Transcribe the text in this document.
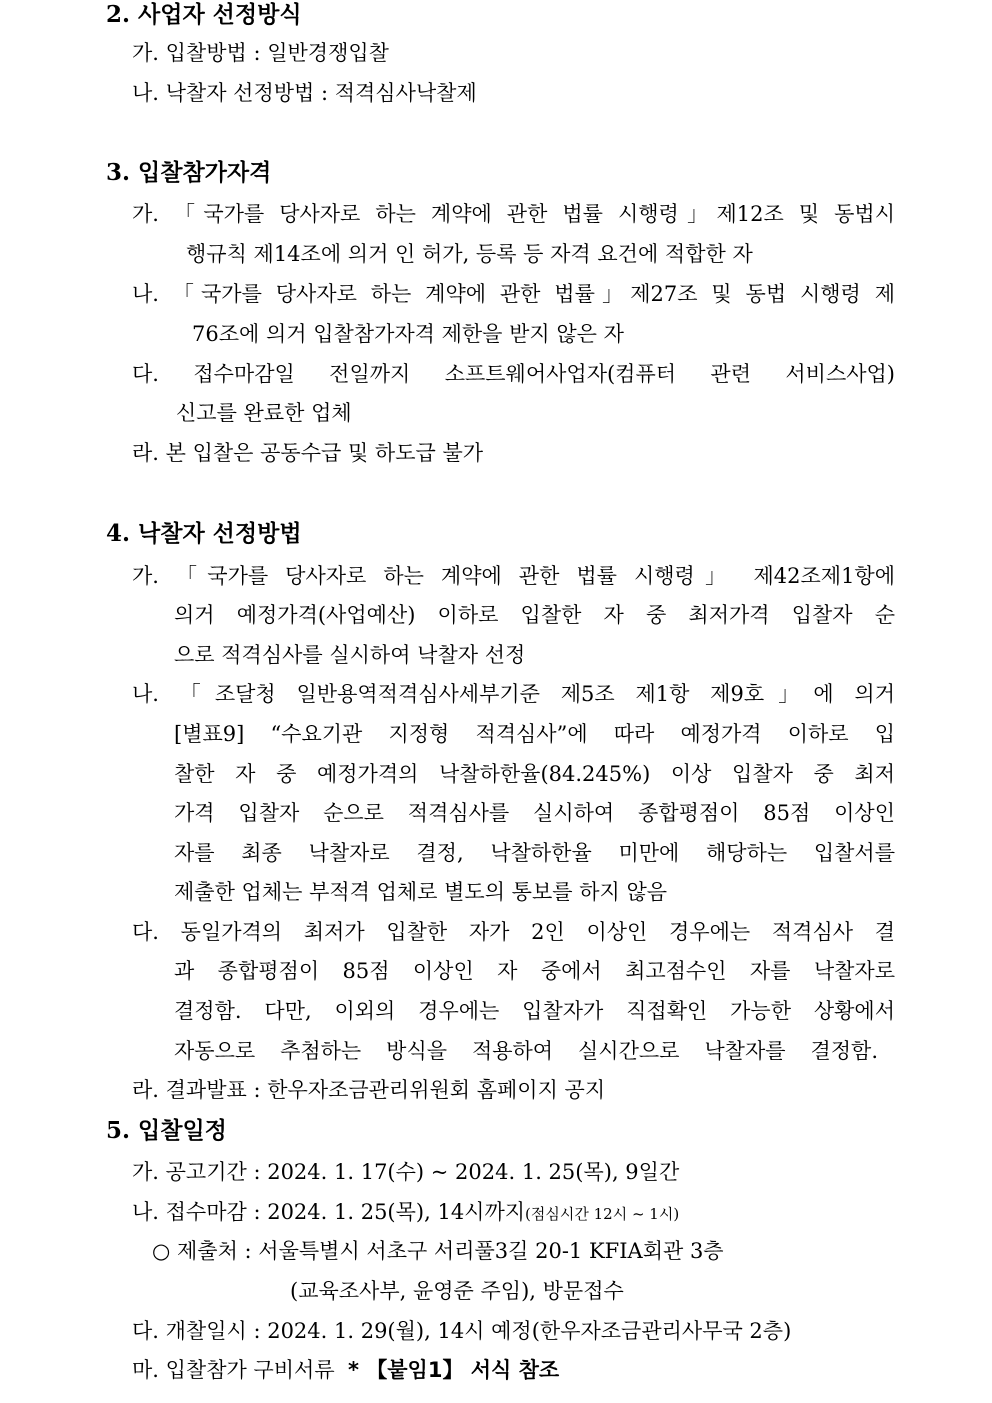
2. 사업자 선정방식
가. 입찰방법 : 일반경쟁입찰
나. 낙찰자 선정방법 : 적격심사낙찰제
3. 입찰참가자격
가. 「국가를 당사자로 하는 계약에 관한 법률 시행령」제12조 및 동법시
행규칙 제14조에 의거 인 허가, 등록 등 자격 요건에 적합한 자
나. 「국가를 당사자로 하는 계약에 관한 법률」제27조 및 동법 시행령 제
76조에 의거 입찰참가자격 제한을 받지 않은 자
다. 접수마감일 전일까지 소프트웨어사업자(컴퓨터 관련 서비스사업)
신고를 완료한 업체
라. 본 입찰은 공동수급 및 하도급 불가
4. 낙찰자 선정방법
가. 「국가를 당사자로 하는 계약에 관한 법률 시행령」 제42조제1항에
의거 예정가격(사업예산) 이하로 입찰한 자 중 최저가격 입찰자 순
으로 적격심사를 실시하여 낙찰자 선정
나. 「조달청 일반용역적격심사세부기준 제5조 제1항 제9호」에 의거
[별표9] “수요기관 지정형 적격심사”에 따라 예정가격 이하로 입
찰한 자 중 예정가격의 낙찰하한율(84.245%) 이상 입찰자 중 최저
가격 입찰자 순으로 적격심사를 실시하여 종합평점이 85점 이상인
자를 최종 낙찰자로 결정, 낙찰하한율 미만에 해당하는 입찰서를
제출한 업체는 부적격 업체로 별도의 통보를 하지 않음
다. 동일가격의 최저가 입찰한 자가 2인 이상인 경우에는 적격심사 결
과 종합평점이 85점 이상인 자 중에서 최고점수인 자를 낙찰자로
결정함. 다만, 이외의 경우에는 입찰자가 직접확인 가능한 상황에서
자동으로 추첨하는 방식을 적용하여 실시간으로 낙찰자를 결정함.
라. 결과발표 : 한우자조금관리위원회 홈페이지 공지
5. 입찰일정
가. 공고기간 : 2024. 1. 17(수) ~ 2024. 1. 25(목), 9일간
나. 접수마감 : 2024. 1. 25(목), 14시까지(점심시간 12시 ~ 1시)
○ 제출처 : 서울특별시 서초구 서리풀3길 20-1 KFIA회관 3층
(교육조사부, 윤영준 주임), 방문접수
다. 개찰일시 : 2024. 1. 29(월), 14시 예정(한우자조금관리사무국 2층)
마. 입찰참가 구비서류 * 【붙임1】 서식 참조
